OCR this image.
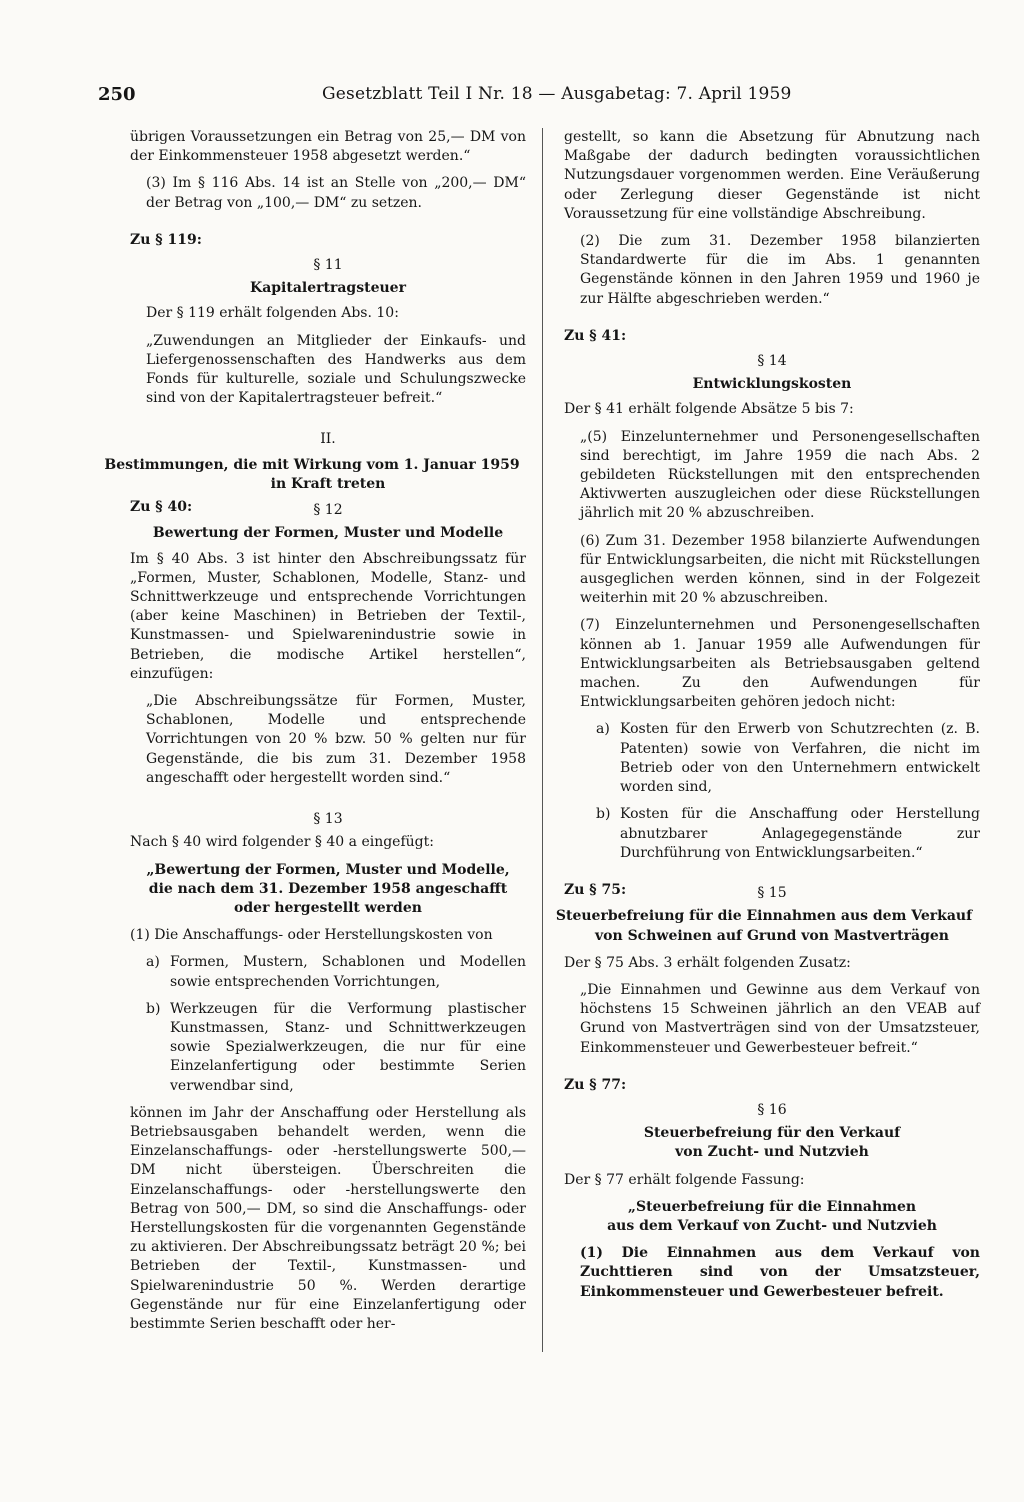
250	Gesetzblatt Teil I Nr. 18 — Ausgabetag: 7. April 1959

übrigen Voraussetzungen ein Betrag von 25,— DM von der Einkommensteuer 1958 abgesetzt werden.“

(3) Im § 116 Abs. 14 ist an Stelle von „200,— DM“ der Betrag von „100,— DM“ zu setzen.

Zu § 119:
§ 11
Kapitalertragsteuer

Der § 119 erhält folgenden Abs. 10:

„Zuwendungen an Mitglieder der Einkaufs- und Liefergenossenschaften des Handwerks aus dem Fonds für kulturelle, soziale und Schulungszwecke sind von der Kapitalertragsteuer befreit.“

II.
Bestimmungen, die mit Wirkung vom 1. Januar 1959
in Kraft treten
Zu § 40:	§ 12
Bewertung der Formen, Muster und Modelle

Im § 40 Abs. 3 ist hinter den Abschreibungssatz für „Formen, Muster, Schablonen, Modelle, Stanz- und Schnittwerkzeuge und entsprechende Vorrichtungen (aber keine Maschinen) in Betrieben der Textil-, Kunstmassen- und Spielwarenindustrie sowie in Betrieben, die modische Artikel herstellen“, einzufügen:

„Die Abschreibungssätze für Formen, Muster, Schablonen, Modelle und entsprechende Vorrichtungen von 20 % bzw. 50 % gelten nur für Gegenstände, die bis zum 31. Dezember 1958 angeschafft oder hergestellt worden sind.“

§ 13

Nach § 40 wird folgender § 40 a eingefügt:

„Bewertung der Formen, Muster und Modelle,
die nach dem 31. Dezember 1958 angeschafft
oder hergestellt werden

(1) Die Anschaffungs- oder Herstellungskosten von

a) Formen, Mustern, Schablonen und Modellen sowie entsprechenden Vorrichtungen,
b) Werkzeugen für die Verformung plastischer Kunstmassen, Stanz- und Schnittwerkzeugen sowie Spezialwerkzeugen, die nur für eine Einzelanfertigung oder bestimmte Serien verwendbar sind,

können im Jahr der Anschaffung oder Herstellung als Betriebsausgaben behandelt werden, wenn die Einzelanschaffungs- oder -herstellungswerte 500,— DM nicht übersteigen. Überschreiten die Einzelanschaffungs- oder -herstellungswerte den Betrag von 500,— DM, so sind die Anschaffungs- oder Herstellungskosten für die vorgenannten Gegenstände zu aktivieren. Der Abschreibungssatz beträgt 20 %; bei Betrieben der Textil-, Kunstmassen- und Spielwarenindustrie 50 %. Werden derartige Gegenstände nur für eine Einzelanfertigung oder bestimmte Serien beschafft oder her-

gestellt, so kann die Absetzung für Abnutzung nach Maßgabe der dadurch bedingten voraussichtlichen Nutzungsdauer vorgenommen werden. Eine Veräußerung oder Zerlegung dieser Gegenstände ist nicht Voraussetzung für eine vollständige Abschreibung.

(2) Die zum 31. Dezember 1958 bilanzierten Standardwerte für die im Abs. 1 genannten Gegenstände können in den Jahren 1959 und 1960 je zur Hälfte abgeschrieben werden.“

Zu § 41:
§ 14
Entwicklungskosten

Der § 41 erhält folgende Absätze 5 bis 7:

„(5) Einzelunternehmer und Personengesellschaften sind berechtigt, im Jahre 1959 die nach Abs. 2 gebildeten Rückstellungen mit den entsprechenden Aktivwerten auszugleichen oder diese Rückstellungen jährlich mit 20 % abzuschreiben.

(6) Zum 31. Dezember 1958 bilanzierte Aufwendungen für Entwicklungsarbeiten, die nicht mit Rückstellungen ausgeglichen werden können, sind in der Folgezeit weiterhin mit 20 % abzuschreiben.

(7) Einzelunternehmen und Personengesellschaften können ab 1. Januar 1959 alle Aufwendungen für Entwicklungsarbeiten als Betriebsausgaben geltend machen. Zu den Aufwendungen für Entwicklungsarbeiten gehören jedoch nicht:

a) Kosten für den Erwerb von Schutzrechten (z. B. Patenten) sowie von Verfahren, die nicht im Betrieb oder von den Unternehmern entwickelt worden sind,
b) Kosten für die Anschaffung oder Herstellung abnutzbarer Anlagegegenstände zur Durchführung von Entwicklungsarbeiten.“
Zu § 75:	§ 15
Steuerbefreiung für die Einnahmen aus dem Verkauf
von Schweinen auf Grund von Mastverträgen

Der § 75 Abs. 3 erhält folgenden Zusatz:

„Die Einnahmen und Gewinne aus dem Verkauf von höchstens 15 Schweinen jährlich an den VEAB auf Grund von Mastverträgen sind von der Umsatzsteuer, Einkommensteuer und Gewerbesteuer befreit.“

Zu § 77:
§ 16
Steuerbefreiung für den Verkauf
von Zucht- und Nutzvieh

Der § 77 erhält folgende Fassung:

„Steuerbefreiung für die Einnahmen
aus dem Verkauf von Zucht- und Nutzvieh

(1) Die Einnahmen aus dem Verkauf von Zuchttieren sind von der Umsatzsteuer, Einkommensteuer und Gewerbesteuer befreit.
